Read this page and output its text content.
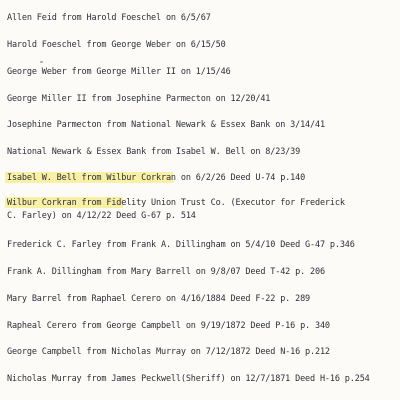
Allen Feid from Harold Foeschel on 6/5/67
Harold Foeschel from George Weber on 6/15/50
George Weber from George Miller II on 1/15/46
George Miller II from Josephine Parmecton on 12/20/41
Josephine Parmecton from National Newark & Essex Bank on 3/14/41
National Newark & Essex Bank from Isabel W. Bell on 8/23/39
Isabel W. Bell from Wilbur Corkran on 6/2/26 Deed U-74 p.140
Wilbur Corkran from Fidelity Union Trust Co. (Executor for Frederick
C. Farley) on 4/12/22 Deed G-67 p. 514
Frederick C. Farley from Frank A. Dillingham on 5/4/10 Deed G-47 p.346
Frank A. Dillingham from Mary Barrell on 9/8/07 Deed T-42 p. 206
Mary Barrel from Raphael Cerero on 4/16/1884 Deed F-22 p. 289
Rapheal Cerero from George Campbell on 9/19/1872 Deed P-16 p. 340
George Campbell from Nicholas Murray on 7/12/1872 Deed N-16 p.212
Nicholas Murray from James Peckwell(Sheriff) on 12/7/1871 Deed H-16 p.254
